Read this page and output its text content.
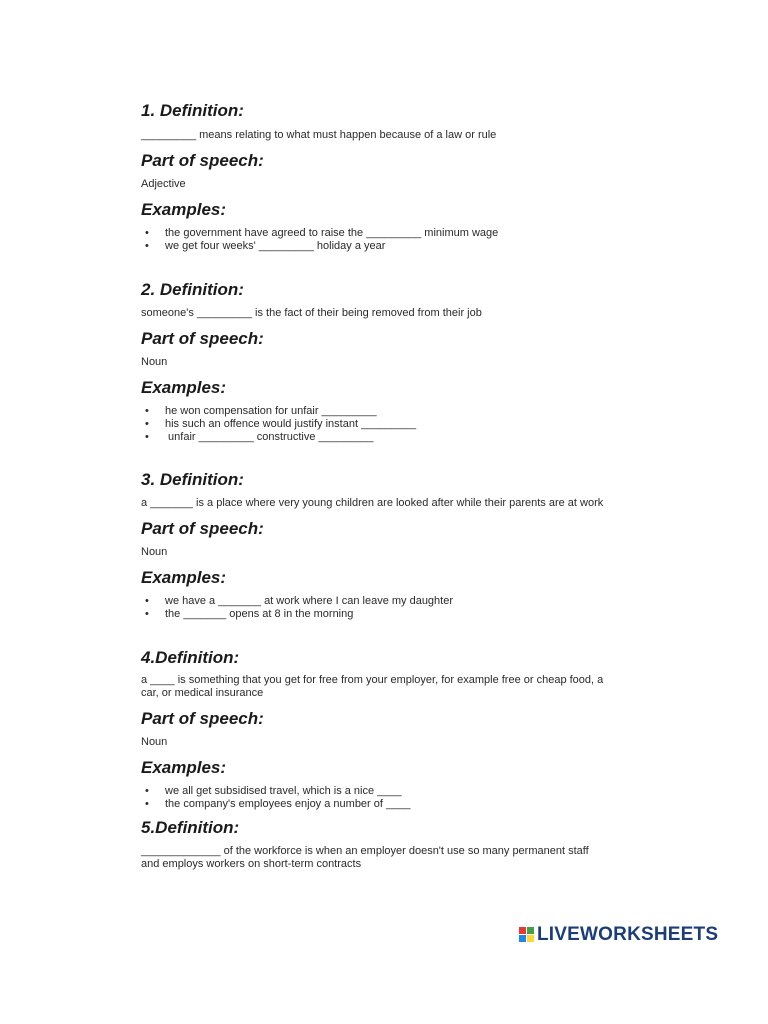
1. Definition:
_________ means relating to what must happen because of a law or rule
Part of speech:
Adjective
Examples:
• the government have agreed to raise the _________ minimum wage
• we get four weeks' _________ holiday a year
2. Definition:
someone's _________ is the fact of their being removed from their job
Part of speech:
Noun
Examples:
• he won compensation for unfair _________
• his such an offence would justify instant _________
• unfair _________ constructive _________
3. Definition:
a _______ is a place where very young children are looked after while their parents are at work
Part of speech:
Noun
Examples:
• we have a _______ at work where I can leave my daughter
• the _______ opens at 8 in the morning
4.Definition:
a ____ is something that you get for free from your employer, for example free or cheap food, a
car, or medical insurance
Part of speech:
Noun
Examples:
• we all get subsidised travel, which is a nice ____
• the company's employees enjoy a number of ____
5.Definition:
_____________ of the workforce is when an employer doesn't use so many permanent staff
and employs workers on short-term contracts
LIVEWORKSHEETS
